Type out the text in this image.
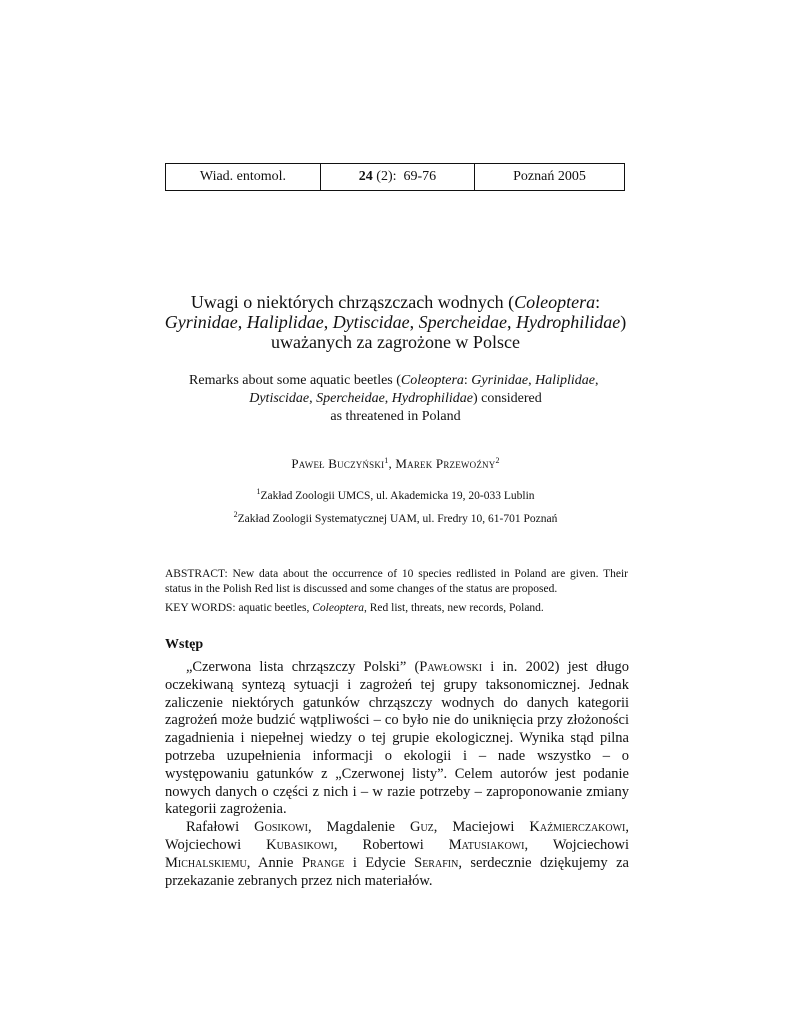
Wiad. entomol.	24 (2):  69-76	Poznań 2005
Uwagi o niektórych chrząszczach wodnych (Coleoptera:
Gyrinidae, Haliplidae, Dytiscidae, Spercheidae, Hydrophilidae)
uważanych za zagrożone w Polsce
Remarks about some aquatic beetles (Coleoptera: Gyrinidae, Haliplidae,
Dytiscidae, Spercheidae, Hydrophilidae) considered
as threatened in Poland
Paweł Buczyński$^1$, Marek Przewoźny$^2$
$^1$Zakład Zoologii UMCS, ul. Akademicka 19, 20-033 Lublin
$^2$Zakład Zoologii Systematycznej UAM, ul. Fredry 10, 61-701 Poznań
ABSTRACT: New data about the occurrence of 10 species redlisted in Poland are given. Their status in the Polish Red list is discussed and some changes of the status are proposed.
KEY WORDS: aquatic beetles, Coleoptera, Red list, threats, new records, Poland.
Wstęp

„Czerwona lista chrząszczy Polski” (Pawłowski i in. 2002) jest długo oczekiwaną syntezą sytuacji i zagrożeń tej grupy taksonomicznej. Jednak zaliczenie niektórych gatunków chrząszczy wodnych do danych kategorii zagrożeń może budzić wątpliwości – co było nie do uniknięcia przy złożoności zagadnienia i niepełnej wiedzy o tej grupie ekologicznej. Wynika stąd pilna potrzeba uzupełnienia informacji o ekologii i – nade wszystko – o występowaniu gatunków z „Czerwonej listy”. Celem autorów jest podanie nowych danych o części z nich i – w razie potrzeby – zaproponowanie zmiany kategorii zagrożenia.

Rafałowi Gosikowi, Magdalenie Guz, Maciejowi Kaźmierczakowi, Wojciechowi Kubasikowi, Robertowi Matusiakowi, Wojciechowi Michalskiemu, Annie Prange i Edycie Serafin, serdecznie dziękujemy za przekazanie zebranych przez nich materiałów.
